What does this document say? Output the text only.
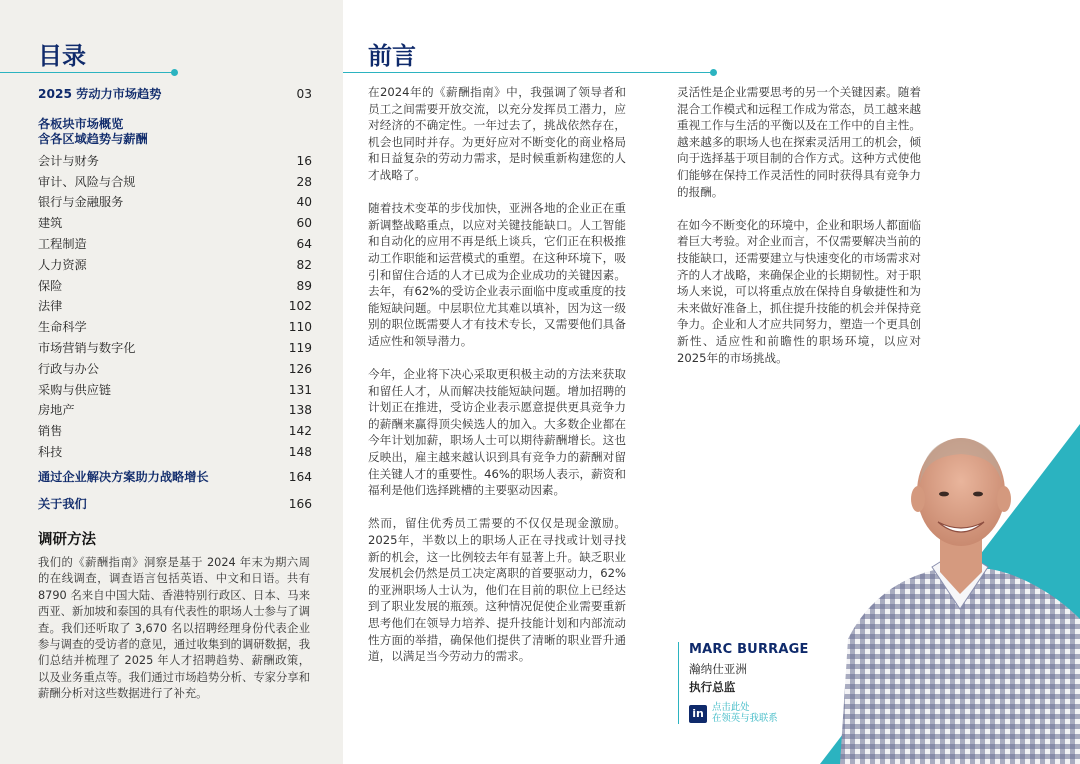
目录
2025 劳动力市场趋势	03
各板块市场概览
含各区域趋势与薪酬
会计与财务	16
审计、风险与合规	28
银行与金融服务	40
建筑	60
工程制造	64
人力资源	82
保险	89
法律	102
生命科学	110
市场营销与数字化	119
行政与办公	126
采购与供应链	131
房地产	138
销售	142
科技	148
通过企业解决方案助力战略增长	164
关于我们	166
调研方法
我们的《薪酬指南》洞察是基于 2024 年末为期六周的在线调查，调查语言包括英语、中文和日语。共有8790 名来自中国大陆、香港特别行政区、日本、马来西亚、新加坡和泰国的具有代表性的职场人士参与了调查。我们还听取了 3,670 名以招聘经理身份代表企业参与调查的受访者的意见，通过收集到的调研数据，我们总结并梳理了 2025 年人才招聘趋势、薪酬政策，以及业务重点等。我们通过市场趋势分析、专家分享和薪酬分析对这些数据进行了补充。
前言

在2024年的《薪酬指南》中，我强调了领导者和员工之间需要开放交流，以充分发挥员工潜力，应对经济的不确定性。一年过去了，挑战依然存在，机会也同时并存。为更好应对不断变化的商业格局和日益复杂的劳动力需求，是时候重新构建您的人才战略了。

随着技术变革的步伐加快，亚洲各地的企业正在重新调整战略重点，以应对关键技能缺口。人工智能和自动化的应用不再是纸上谈兵，它们正在积极推动工作职能和运营模式的重塑。在这种环境下，吸引和留住合适的人才已成为企业成功的关键因素。去年，有62%的受访企业表示面临中度或重度的技能短缺问题。中层职位尤其难以填补，因为这一级别的职位既需要人才有技术专长，又需要他们具备适应性和领导潜力。

今年，企业将下决心采取更积极主动的方法来获取和留任人才，从而解决技能短缺问题。增加招聘的计划正在推进，受访企业表示愿意提供更具竞争力的薪酬来赢得顶尖候选人的加入。大多数企业都在今年计划加薪，职场人士可以期待薪酬增长。这也反映出，雇主越来越认识到具有竞争力的薪酬对留住关键人才的重要性。46%的职场人表示，薪资和福利是他们选择跳槽的主要驱动因素。

然而，留住优秀员工需要的不仅仅是现金激励。2025年，半数以上的职场人正在寻找或计划寻找新的机会，这一比例较去年有显著上升。缺乏职业发展机会仍然是员工决定离职的首要驱动力，62%的亚洲职场人士认为，他们在目前的职位上已经达到了职业发展的瓶颈。这种情况促使企业需要重新思考他们在领导力培养、提升技能计划和内部流动性方面的举措，确保他们提供了清晰的职业晋升通道，以满足当今劳动力的需求。

灵活性是企业需要思考的另一个关键因素。随着混合工作模式和远程工作成为常态，员工越来越重视工作与生活的平衡以及在工作中的自主性。越来越多的职场人也在探索灵活用工的机会，倾向于选择基于项目制的合作方式。这种方式使他们能够在保持工作灵活性的同时获得具有竞争力的报酬。

在如今不断变化的环境中，企业和职场人都面临着巨大考验。对企业而言，不仅需要解决当前的技能缺口，还需要建立与快速变化的市场需求对齐的人才战略，来确保企业的长期韧性。对于职场人来说，可以将重点放在保持自身敏捷性和为未来做好准备上，抓住提升技能的机会并保持竞争力。企业和人才应共同努力，塑造一个更具创新性、适应性和前瞻性的职场环境，以应对2025年的市场挑战。

MARC BURRAGE
瀚纳仕亚洲
执行总监
in 点击此处
在领英与我联系
